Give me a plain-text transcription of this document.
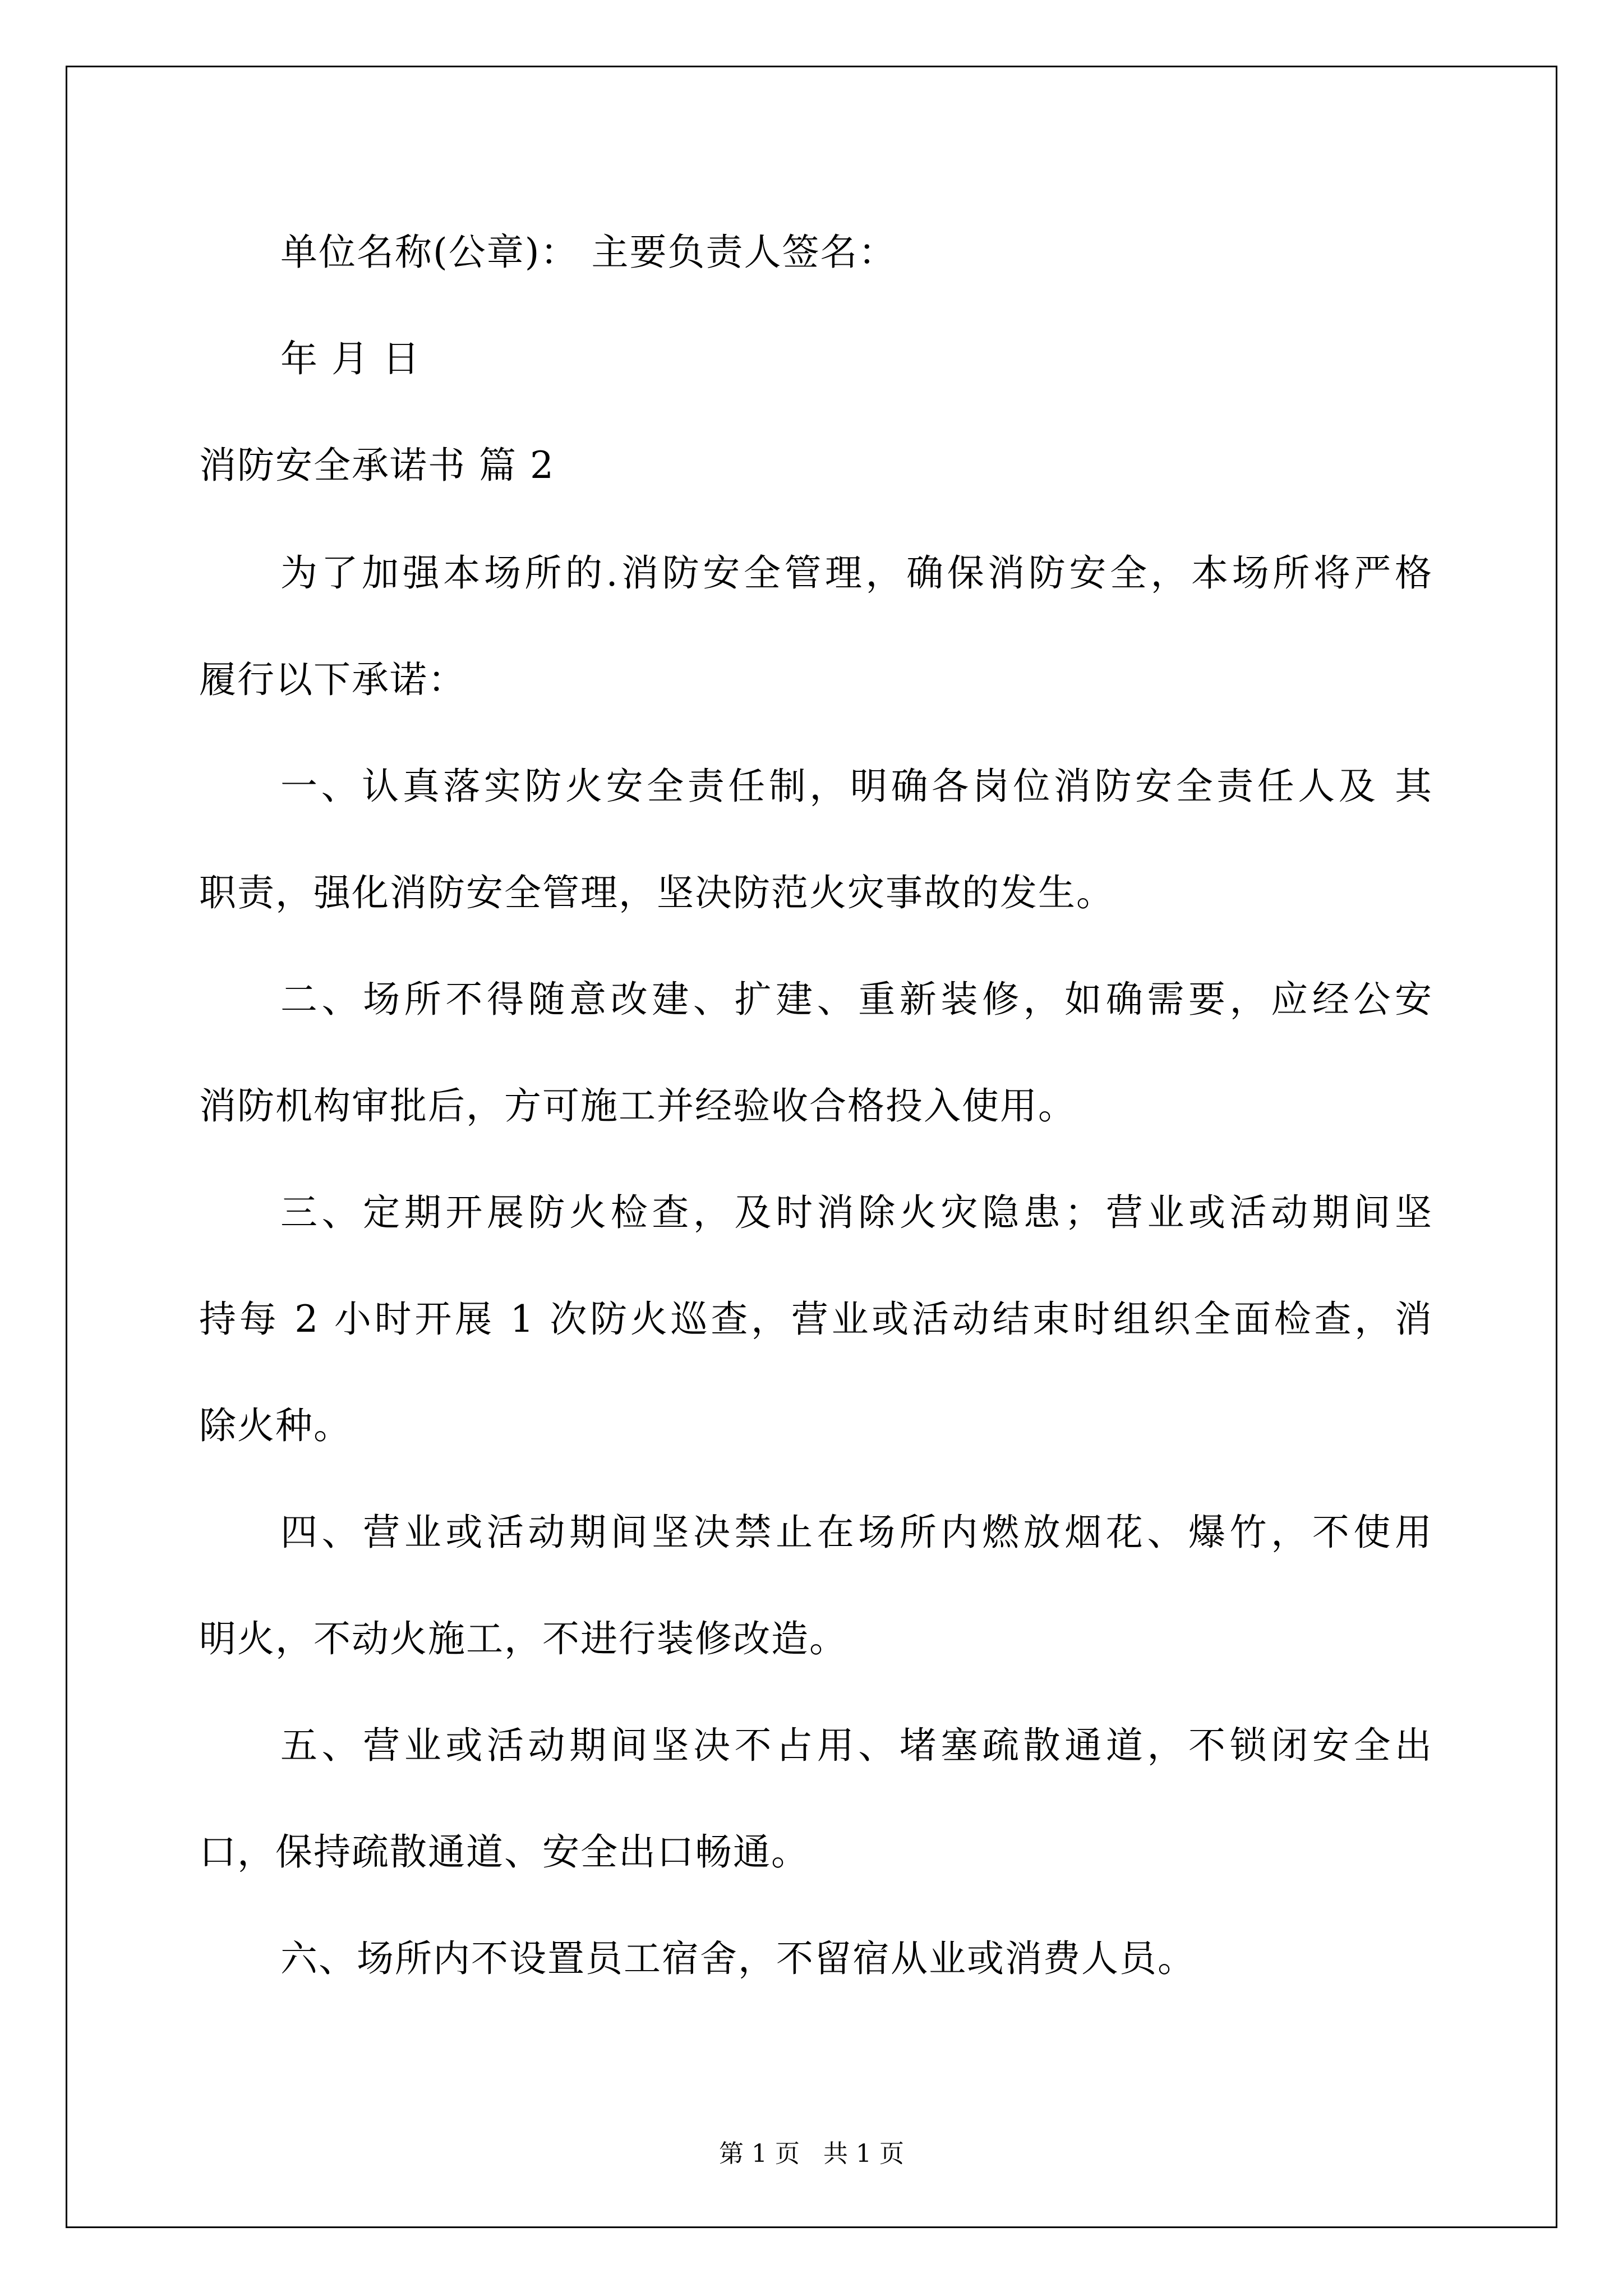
单位名称(公章)： 主要负责人签名：

年 月 日

消防安全承诺书 篇 2

为了加强本场所的.消防安全管理，确保消防安全，本场所将严格

履行以下承诺：

一、认真落实防火安全责任制，明确各岗位消防安全责任人及 其

职责，强化消防安全管理，坚决防范火灾事故的发生。

二、场所不得随意改建、扩建、重新装修，如确需要，应经公安

消防机构审批后，方可施工并经验收合格投入使用。

三、定期开展防火检查，及时消除火灾隐患；营业或活动期间坚

持每 2 小时开展 1 次防火巡查，营业或活动结束时组织全面检查，消

除火种。

四、营业或活动期间坚决禁止在场所内燃放烟花、爆竹，不使用

明火，不动火施工，不进行装修改造。

五、营业或活动期间坚决不占用、堵塞疏散通道，不锁闭安全出

口，保持疏散通道、安全出口畅通。

六、场所内不设置员工宿舍，不留宿从业或消费人员。

第 1 页   共 1 页
